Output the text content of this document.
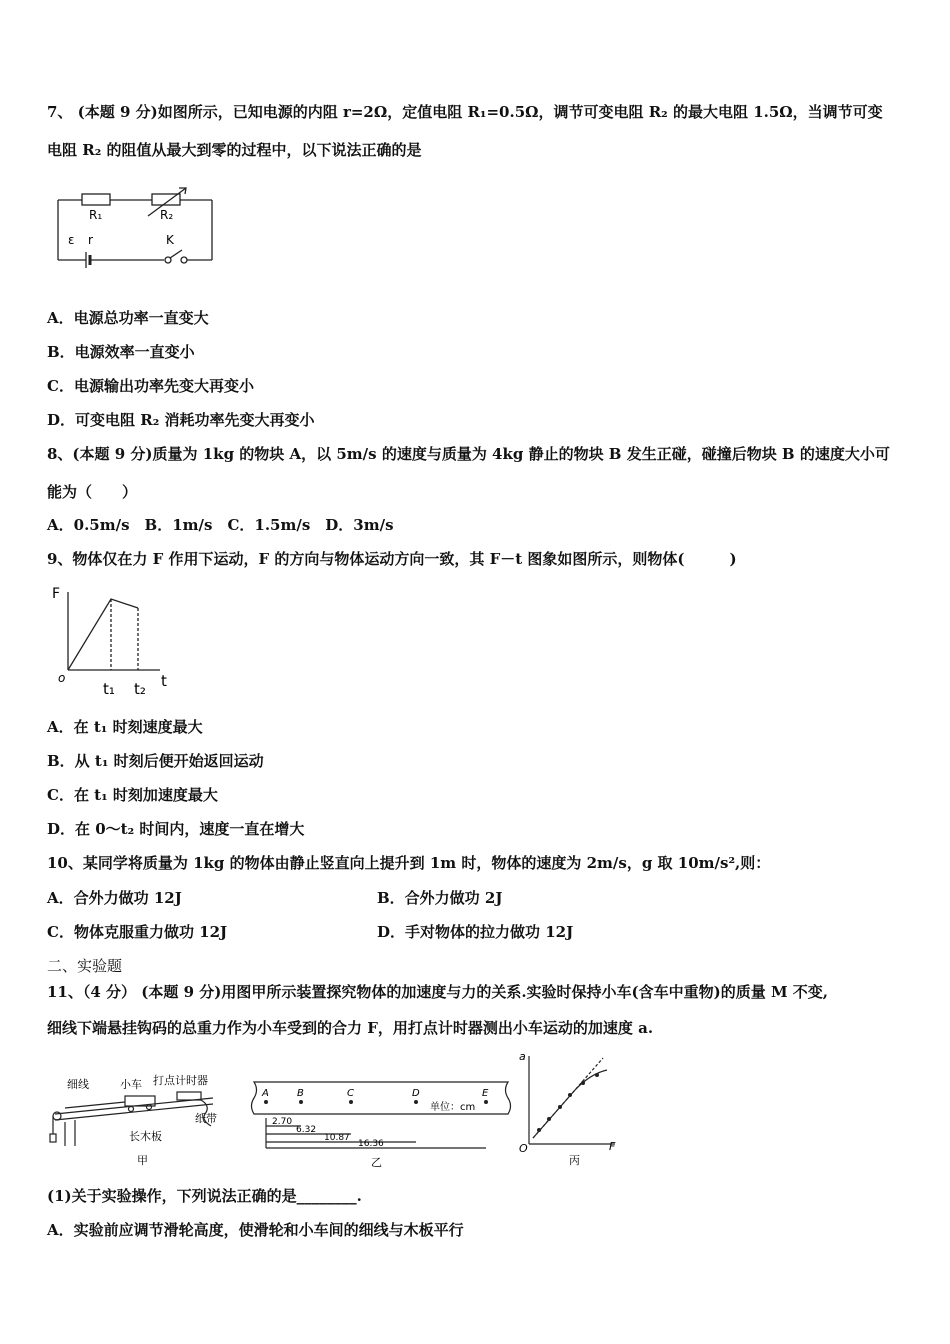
7、 (本题 9 分)如图所示，已知电源的内阻 r=2Ω，定值电阻 R₁=0.5Ω，调节可变电阻 R₂ 的最大电阻 1.5Ω，当调节可变
电阻 R₂ 的阻值从最大到零的过程中，以下说法正确的是
R₁	R₂
ε r	K
A．电源总功率一直变大
B．电源效率一直变小
C．电源输出功率先变大再变小
D．可变电阻 R₂ 消耗功率先变大再变小
8、(本题 9 分)质量为 1kg 的物块 A，以 5m/s 的速度与质量为 4kg 静止的物块 B 发生正碰，碰撞后物块 B 的速度大小可
能为（　　）
A．0.5m/s　B．1m/s　C．1.5m/s　D．3m/s
9、物体仅在力 F 作用下运动，F 的方向与物体运动方向一致，其 F－t 图象如图所示，则物体(　　　)
F
o
t₁ t₂ t
A．在 t₁ 时刻速度最大
B．从 t₁ 时刻后便开始返回运动
C．在 t₁ 时刻加速度最大
D．在 0～t₂ 时间内，速度一直在增大
10、某同学将质量为 1kg 的物体由静止竖直向上提升到 1m 时，物体的速度为 2m/s，g 取 10m/s²,则：
A．合外力做功 12J	B．合外力做功 2J
C．物体克服重力做功 12J	D．手对物体的拉力做功 12J
二、实验题
11、（4 分） (本题 9 分)用图甲所示装置探究物体的加速度与力的关系.实验时保持小车(含车中重物)的质量 M 不变,
细线下端悬挂钩码的总重力作为小车受到的合力 F，用打点计时器测出小车运动的加速度 a.
细线	小车 打点计时器
纸带
长木板
甲
A	B	C	D	E
单位：cm
2.70
6.32
10.87
16.36
乙
a
O	F
丙
(1)关于实验操作，下列说法正确的是________.
A．实验前应调节滑轮高度，使滑轮和小车间的细线与木板平行
